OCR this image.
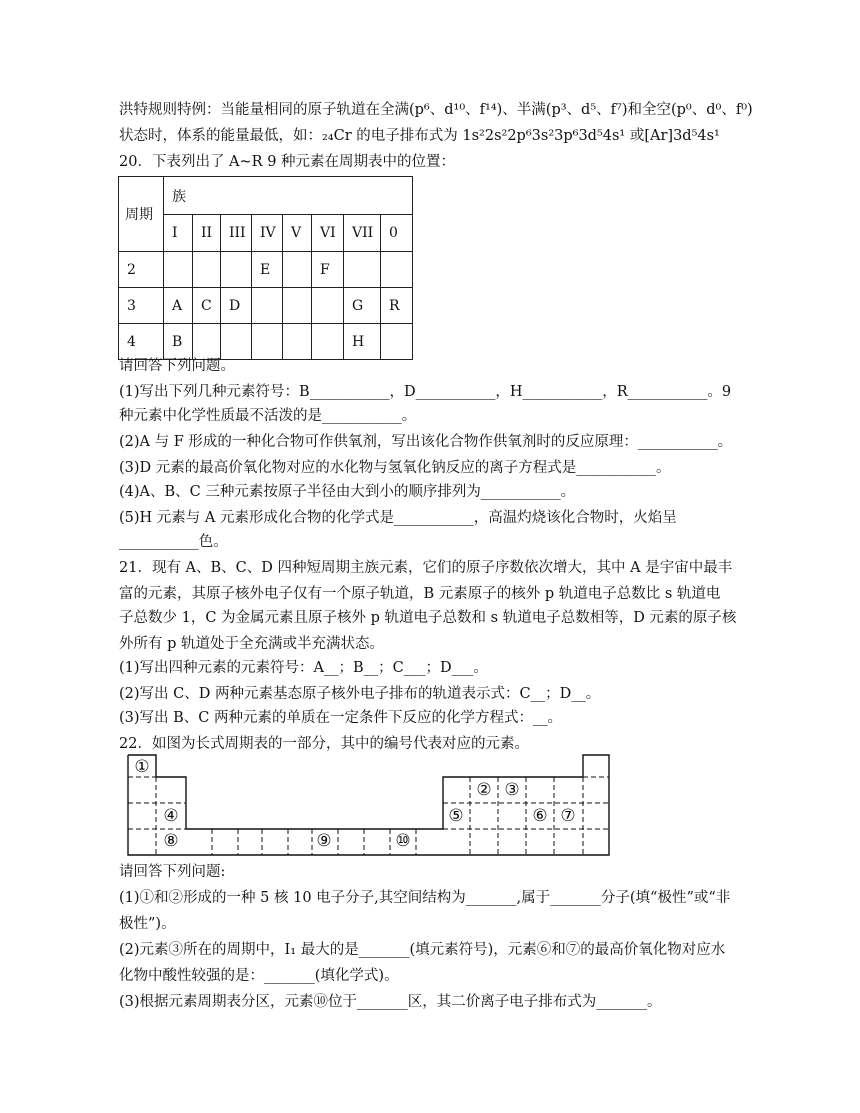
洪特规则特例：当能量相同的原子轨道在全满(p⁶、d¹⁰、f¹⁴)、半满(p³、d⁵、f⁷)和全空(p⁰、d⁰、f⁰)
状态时，体系的能量最低，如：₂₄Cr 的电子排布式为 1s²2s²2p⁶3s²3p⁶3d⁵4s¹ 或[Ar]3d⁵4s¹
20．下表列出了 A~R 9 种元素在周期表中的位置：
周期	族							
	I	II	III	IV	V	VI	VII	0
2				E		F		
3	A	C	D				G	R
4	B						H	
请回答下列问题。
(1)写出下列几种元素符号：B___________，D___________，H___________，R___________。9
种元素中化学性质最不活泼的是___________。
(2)A 与 F 形成的一种化合物可作供氧剂，写出该化合物作供氧剂时的反应原理：___________。
(3)D 元素的最高价氧化物对应的水化物与氢氧化钠反应的离子方程式是___________。
(4)A、B、C 三种元素按原子半径由大到小的顺序排列为___________。
(5)H 元素与 A 元素形成化合物的化学式是___________，高温灼烧该化合物时，火焰呈
___________色。
21．现有 A、B、C、D 四种短周期主族元素，它们的原子序数依次增大，其中 A 是宇宙中最丰
富的元素，其原子核外电子仅有一个原子轨道，B 元素原子的核外 p 轨道电子总数比 s 轨道电
子总数少 1，C 为金属元素且原子核外 p 轨道电子总数和 s 轨道电子总数相等，D 元素的原子核
外所有 p 轨道处于全充满或半充满状态。
(1)写出四种元素的元素符号：A__；B__；C___；D___。
(2)写出 C、D 两种元素基态原子核外电子排布的轨道表示式：C__；D__。
(3)写出 B、C 两种元素的单质在一定条件下反应的化学方程式：__。
22．如图为长式周期表的一部分，其中的编号代表对应的元素。
①
② ③
④	⑤	⑥ ⑦
⑧	⑨	⑩
请回答下列问题:
(1)①和②形成的一种 5 核 10 电子分子,其空间结构为_______,属于_______分子(填“极性”或“非
极性”)。
(2)元素③所在的周期中，I₁ 最大的是_______(填元素符号)，元素⑥和⑦的最高价氧化物对应水
化物中酸性较强的是：_______(填化学式)。
(3)根据元素周期表分区，元素⑩位于_______区，其二价离子电子排布式为_______。
